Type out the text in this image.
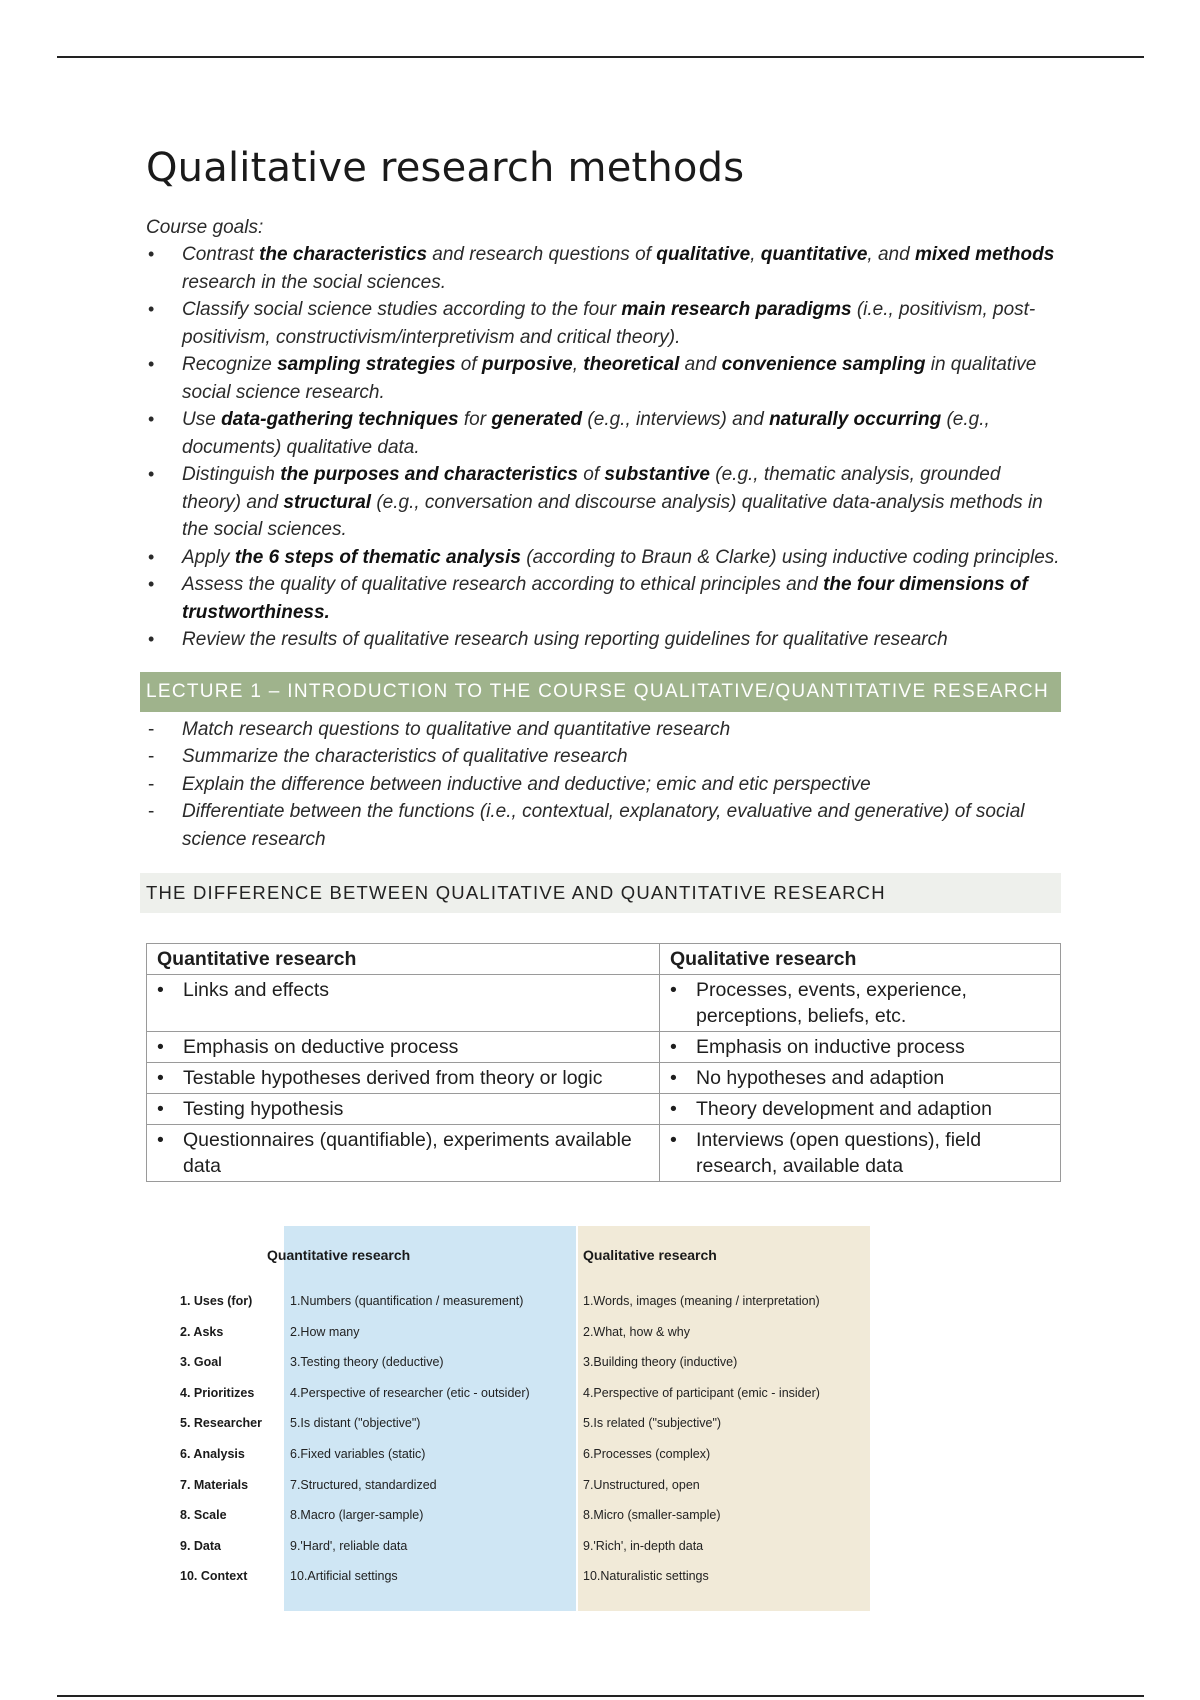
Qualitative research methods
Course goals:
• Contrast the characteristics and research questions of qualitative, quantitative, and mixed methods research in the social sciences.
• Classify social science studies according to the four main research paradigms (i.e., positivism, post-positivism, constructivism/interpretivism and critical theory).
• Recognize sampling strategies of purposive, theoretical and convenience sampling in qualitative social science research.
• Use data-gathering techniques for generated (e.g., interviews) and naturally occurring (e.g., documents) qualitative data.
• Distinguish the purposes and characteristics of substantive (e.g., thematic analysis, grounded theory) and structural (e.g., conversation and discourse analysis) qualitative data-analysis methods in the social sciences.
• Apply the 6 steps of thematic analysis (according to Braun & Clarke) using inductive coding principles.
• Assess the quality of qualitative research according to ethical principles and the four dimensions of trustworthiness.
• Review the results of qualitative research using reporting guidelines for qualitative research
LECTURE 1 – INTRODUCTION TO THE COURSE QUALITATIVE/QUANTITATIVE RESEARCH
- Match research questions to qualitative and quantitative research
- Summarize the characteristics of qualitative research
- Explain the difference between inductive and deductive; emic and etic perspective
- Differentiate between the functions (i.e., contextual, explanatory, evaluative and generative) of social science research
THE DIFFERENCE BETWEEN QUALITATIVE AND QUANTITATIVE RESEARCH
Quantitative research	Qualitative research

• Links and effects	• Processes, events, experience, perceptions, beliefs, etc.

• Emphasis on deductive process	• Emphasis on inductive process

• Testable hypotheses derived from theory or logic	• No hypotheses and adaption

• Testing hypothesis	• Theory development and adaption

• Questionnaires (quantifiable), experiments available data	• Interviews (open questions), field research, available data
Quantitative research	Qualitative research
1. Uses (for)	1.Numbers (quantification / measurement)	1.Words, images (meaning / interpretation)
2. Asks	2.How many	2.What, how & why
3. Goal	3.Testing theory (deductive)	3.Building theory (inductive)
4. Prioritizes	4.Perspective of researcher (etic - outsider)	4.Perspective of participant (emic - insider)
5. Researcher 5.Is distant ("objective")	5.Is related ("subjective")
6. Analysis	6.Fixed variables (static)	6.Processes (complex)
7. Materials	7.Structured, standardized	7.Unstructured, open
8. Scale	8.Macro (larger-sample)	8.Micro (smaller-sample)
9. Data	9.'Hard', reliable data	9.'Rich', in-depth data
10. Context	10.Artificial settings	10.Naturalistic settings
